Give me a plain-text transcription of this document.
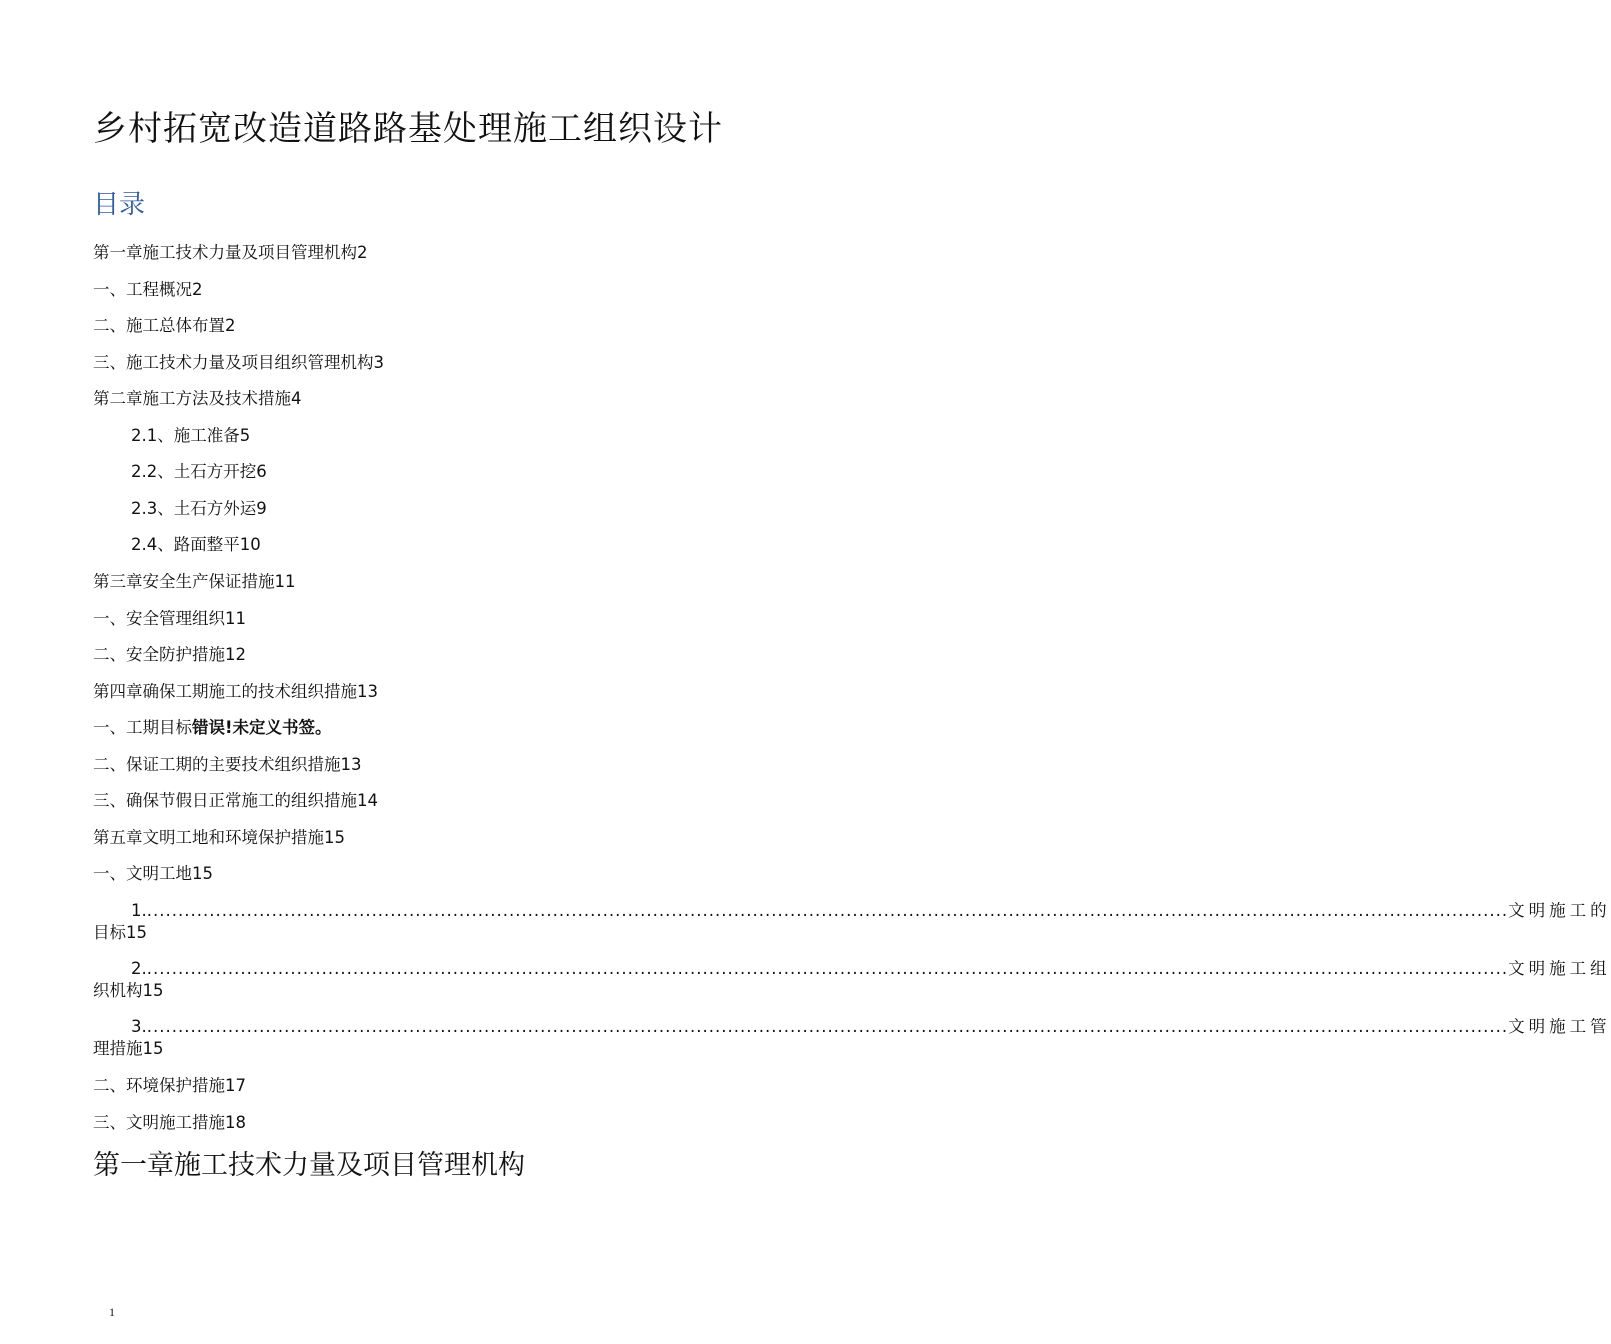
乡村拓宽改造道路路基处理施工组织设计
目录
第一章施工技术力量及项目管理机构2
一、工程概况2
二、施工总体布置2
三、施工技术力量及项目组织管理机构3
第二章施工方法及技术措施4
2.1、施工准备5
2.2、土石方开挖6
2.3、土石方外运9
2.4、路面整平10
第三章安全生产保证措施11
一、安全管理组织11
二、安全防护措施12
第四章确保工期施工的技术组织措施13
一、工期目标错误!未定义书签。
二、保证工期的主要技术组织措施13
三、确保节假日正常施工的组织措施14
第五章文明工地和环境保护措施15
一、文明工地15
1. .......................................................................................................................................................................................................................... 文明施工的
目标15
2. .......................................................................................................................................................................................................................... 文明施工组
织机构15
3. .......................................................................................................................................................................................................................... 文明施工管
理措施15
二、环境保护措施17
三、文明施工措施18
第一章施工技术力量及项目管理机构
1
